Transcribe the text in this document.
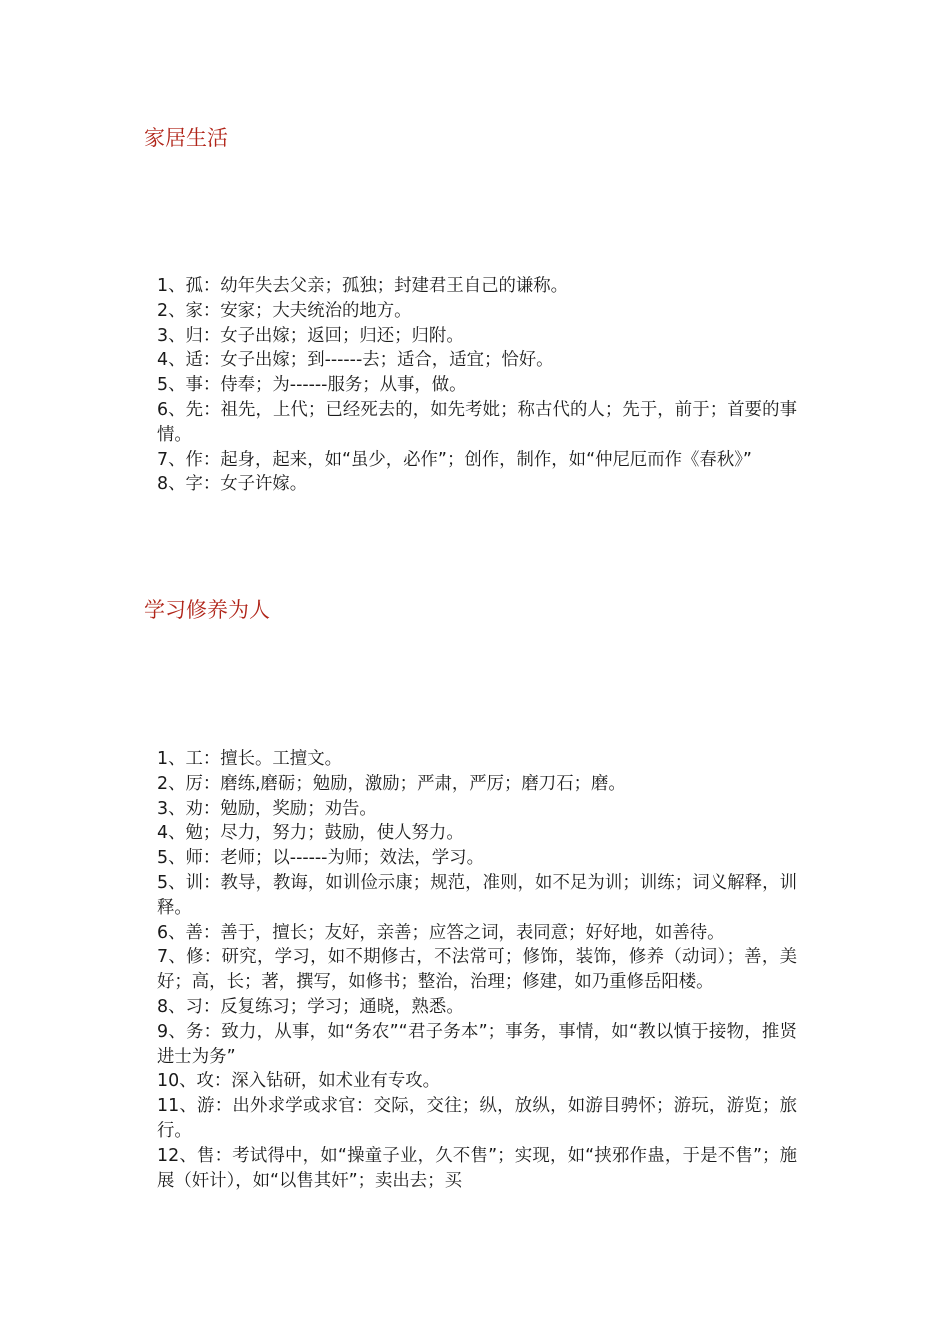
家居生活
1、孤：幼年失去父亲；孤独；封建君王自己的谦称。
2、家：安家；大夫统治的地方。
3、归：女子出嫁；返回；归还；归附。
4、适：女子出嫁；到------去；适合，适宜；恰好。
5、事：侍奉；为------服务；从事，做。
6、先：祖先，上代；已经死去的，如先考妣；称古代的人；先于，前于；首要的事情。
7、作：起身，起来，如“虽少，必作”；创作，制作，如“仲尼厄而作《春秋》”
8、字：女子许嫁。
学习修养为人
1、工：擅长。工擅文。
2、厉：磨练,磨砺；勉励，激励；严肃，严厉；磨刀石；磨。
3、劝：勉励，奖励；劝告。
4、勉；尽力，努力；鼓励，使人努力。
5、师：老师；以------为师；效法，学习。
5、训：教导，教诲，如训俭示康；规范，准则，如不足为训；训练；词义解释，训释。
6、善：善于，擅长；友好，亲善；应答之词，表同意；好好地，如善待。
7、修：研究，学习，如不期修古，不法常可；修饰，装饰，修养（动词）；善，美好；高，长；著，撰写，如修书；整治，治理；修建，如乃重修岳阳楼。
8、习：反复练习；学习；通晓，熟悉。
9、务：致力，从事，如“务农”“君子务本”；事务，事情，如“教以慎于接物，推贤进士为务”
10、攻：深入钻研，如术业有专攻。
11、游：出外求学或求官：交际，交往；纵，放纵，如游目骋怀；游玩，游览；旅行。
12、售：考试得中，如“操童子业，久不售”；实现，如“挟邪作蛊，于是不售”；施展（奸计），如“以售其奸”；卖出去；买
